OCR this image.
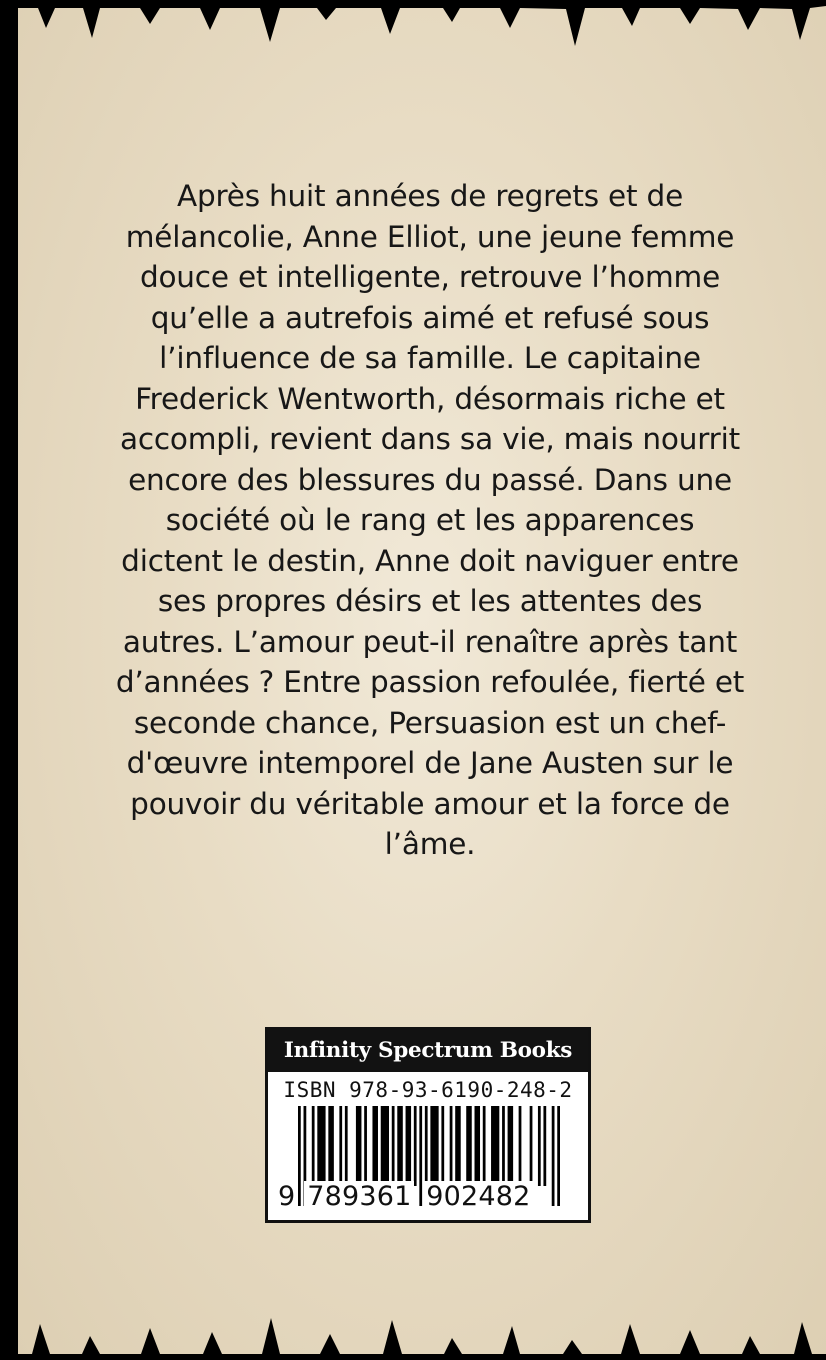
Après huit années de regrets et de mélancolie, Anne Elliot, une jeune femme douce et intelligente, retrouve l’homme qu’elle a autrefois aimé et refusé sous l’influence de sa famille. Le capitaine Frederick Wentworth, désormais riche et accompli, revient dans sa vie, mais nourrit encore des blessures du passé. Dans une société où le rang et les apparences dictent le destin, Anne doit naviguer entre ses propres désirs et les attentes des autres. L’amour peut-il renaître après tant d’années ? Entre passion refoulée, fierté et seconde chance, Persuasion est un chef-d'œuvre intemporel de Jane Austen sur le pouvoir du véritable amour et la force de l’âme.

Infinity Spectrum Books
ISBN 978-93-6190-248-2
9 789361 902482
